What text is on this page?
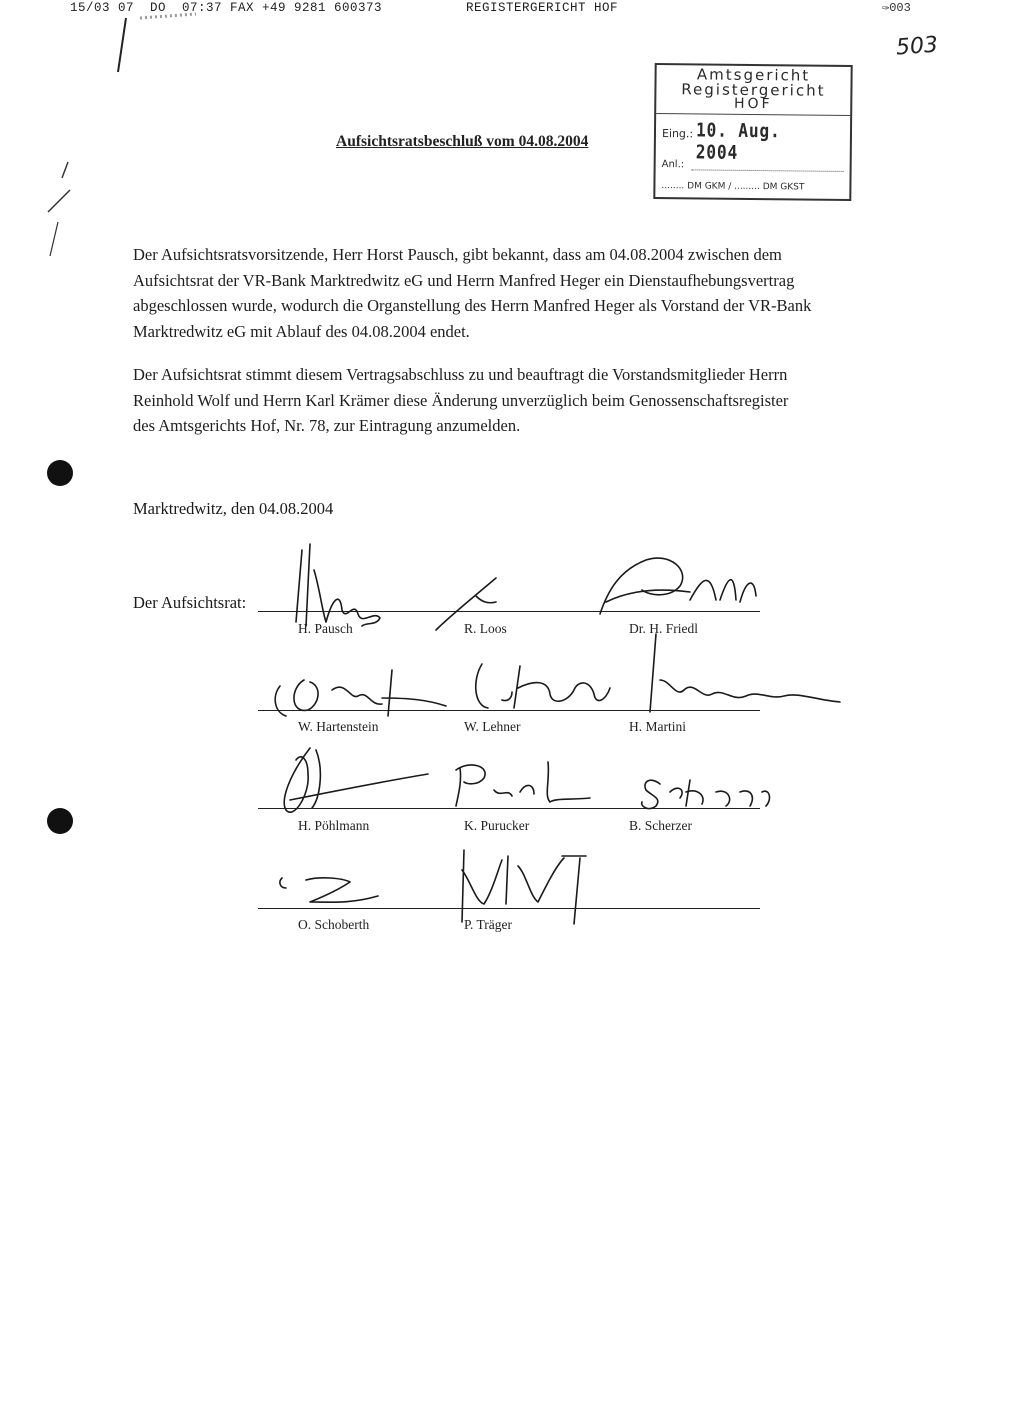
15/03 07  DO  07:37 FAX +49 9281 600373	REGISTERGERICHT HOF	✑003
503
Amtsgericht
Registergericht
HOF
Eing.: 10. Aug. 2004
Anl.:
........ DM GKM / ......... DM GKST
Aufsichtsratsbeschluß vom 04.08.2004
Der Aufsichtsratsvorsitzende, Herr Horst Pausch, gibt bekannt, dass am 04.08.2004 zwischen dem Aufsichtsrat der VR-Bank Marktredwitz eG und Herrn Manfred Heger ein Dienstaufhebungsvertrag abgeschlossen wurde, wodurch die Organstellung des Herrn Manfred Heger als Vorstand der VR-Bank Marktredwitz eG mit Ablauf des 04.08.2004 endet.
Der Aufsichtsrat stimmt diesem Vertragsabschluss zu und beauftragt die Vorstandsmitglieder Herrn Reinhold Wolf und Herrn Karl Krämer diese Änderung unverzüglich beim Genossenschaftsregister des Amtsgerichts Hof, Nr. 78, zur Eintragung anzumelden.
Marktredwitz, den 04.08.2004
Der Aufsichtsrat:
H. Pausch	R. Loos	Dr. H. Friedl
W. Hartenstein	W. Lehner	H. Martini
H. Pöhlmann	K. Purucker	B. Scherzer
O. Schoberth	P. Träger
